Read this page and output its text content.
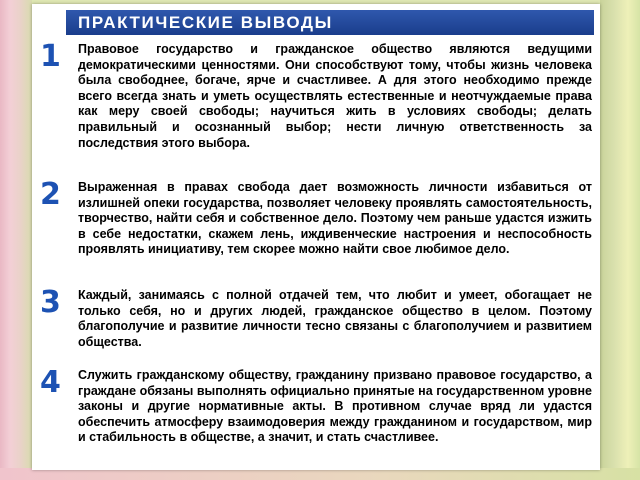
ПРАКТИЧЕСКИЕ ВЫВОДЫ
1 Правовое государство и гражданское общество являются ведущими демократическими ценностями. Они способствуют тому, чтобы жизнь человека была свободнее, богаче, ярче и счастливее. А для этого необходимо прежде всего всегда знать и уметь осуществлять естественные и неотчуждаемые права как меру своей свободы; научиться жить в условиях свободы; делать правильный и осознанный выбор; нести личную ответственность за последствия этого выбора.
2 Выраженная в правах свобода дает возможность личности избавиться от излишней опеки государства, позволяет человеку проявлять самостоятельность, творчество, найти себя и собственное дело. Поэтому чем раньше удастся изжить в себе недостатки, скажем лень, иждивенческие настроения и неспособность проявлять инициативу, тем скорее можно найти свое любимое дело.
3 Каждый, занимаясь с полной отдачей тем, что любит и умеет, обогащает не только себя, но и других людей, гражданское общество в целом. Поэтому благополучие и развитие личности тесно связаны с благополучием и развитием общества.
4 Служить гражданскому обществу, гражданину призвано правовое государство, а граждане обязаны выполнять официально принятые на государственном уровне законы и другие нормативные акты. В противном случае вряд ли удастся обеспечить атмосферу взаимодоверия между гражданином и государством, мир и стабильность в обществе, а значит, и стать счастливее.
